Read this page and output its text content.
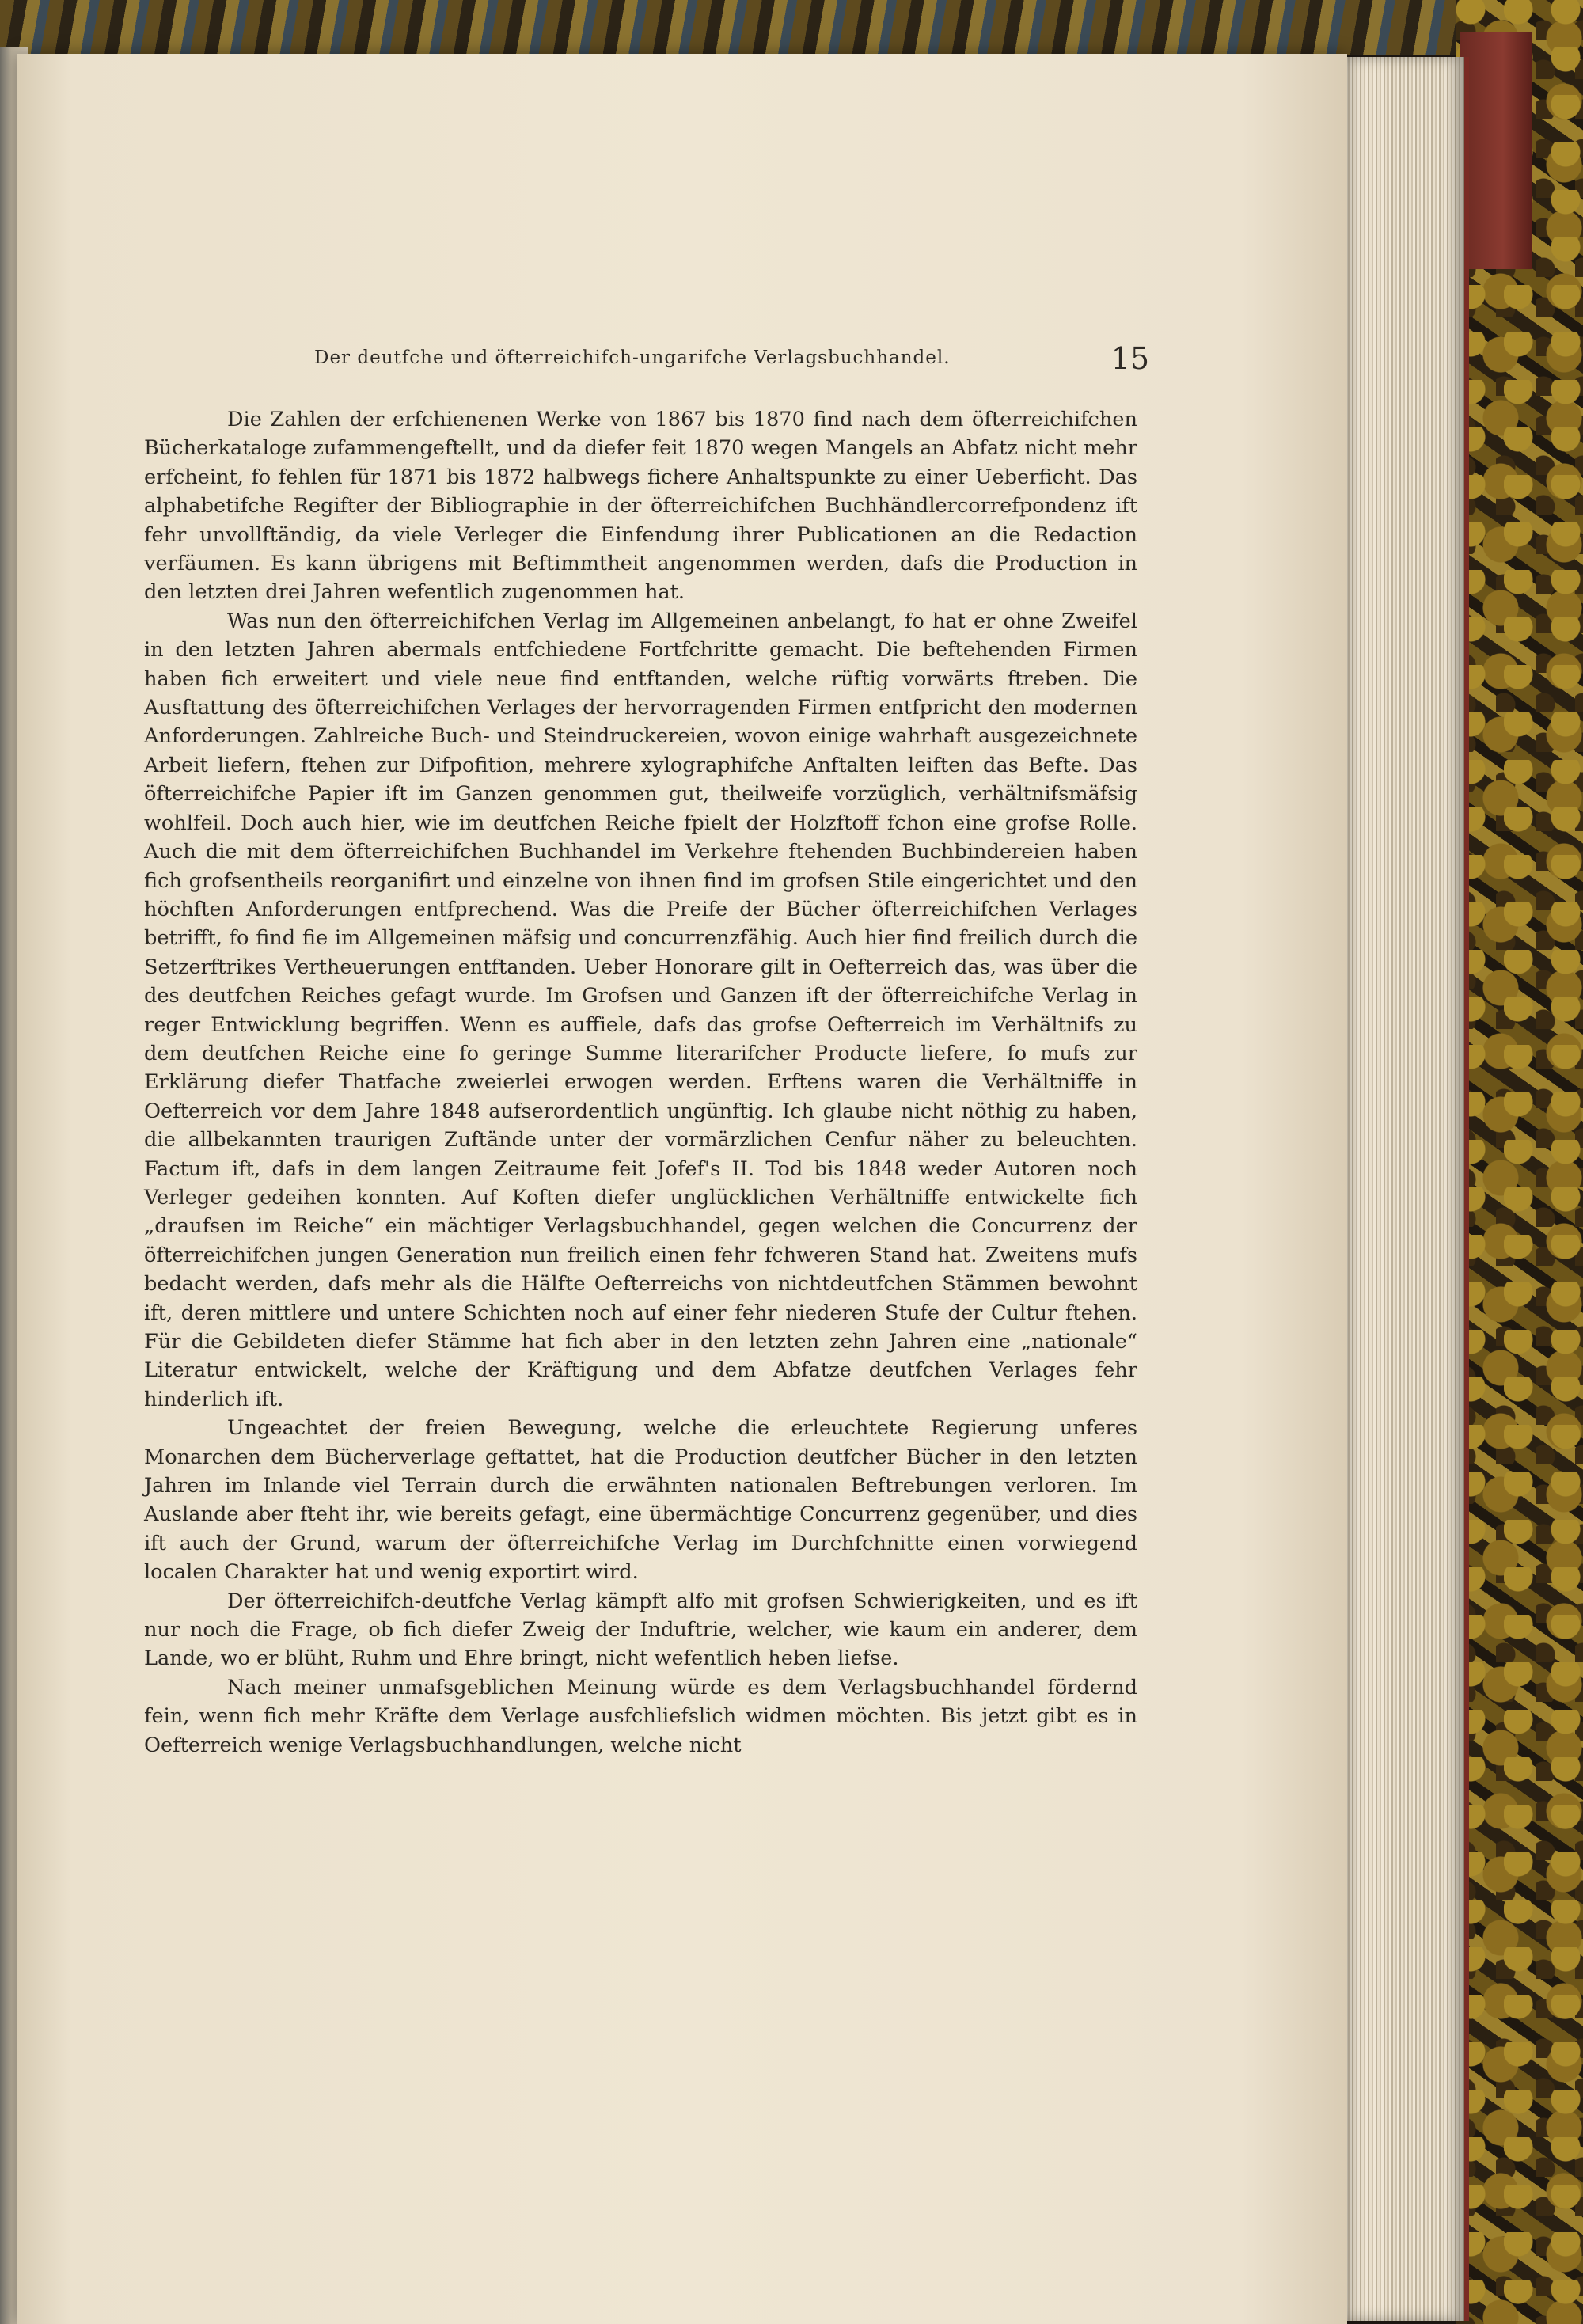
Der deutfche und öfterreichifch-ungarifche Verlagsbuchhandel.	15

Die Zahlen der erfchienenen Werke von 1867 bis 1870 find nach dem öfterreichifchen Bücherkataloge zufammengeftellt, und da diefer feit 1870 wegen Mangels an Abfatz nicht mehr erfcheint, fo fehlen für 1871 bis 1872 halbwegs fichere Anhaltspunkte zu einer Ueberficht. Das alphabetifche Regifter der Bibliographie in der öfterreichifchen Buchhändlercorrefpondenz ift fehr unvollftändig, da viele Verleger die Einfendung ihrer Publicationen an die Redaction verfäumen. Es kann übrigens mit Beftimmtheit angenommen werden, dafs die Production in den letzten drei Jahren wefentlich zugenommen hat.

Was nun den öfterreichifchen Verlag im Allgemeinen anbelangt, fo hat er ohne Zweifel in den letzten Jahren abermals entfchiedene Fortfchritte gemacht. Die beftehenden Firmen haben fich erweitert und viele neue find entftanden, welche rüftig vorwärts ftreben. Die Ausftattung des öfterreichifchen Verlages der hervorragenden Firmen entfpricht den modernen Anforderungen. Zahlreiche Buch- und Steindruckereien, wovon einige wahrhaft ausgezeichnete Arbeit liefern, ftehen zur Difpofition, mehrere xylographifche Anftalten leiften das Befte. Das öfterreichifche Papier ift im Ganzen genommen gut, theilweife vorzüglich, verhältnifsmäfsig wohlfeil. Doch auch hier, wie im deutfchen Reiche fpielt der Holzftoff fchon eine grofse Rolle. Auch die mit dem öfterreichifchen Buchhandel im Verkehre ftehenden Buchbindereien haben fich grofsentheils reorganifirt und einzelne von ihnen find im grofsen Stile eingerichtet und den höchften Anforderungen entfprechend. Was die Preife der Bücher öfterreichifchen Verlages betrifft, fo find fie im Allgemeinen mäfsig und concurrenzfähig. Auch hier find freilich durch die Setzerftrikes Vertheuerungen entftanden. Ueber Honorare gilt in Oefterreich das, was über die des deutfchen Reiches gefagt wurde. Im Grofsen und Ganzen ift der öfterreichifche Verlag in reger Entwicklung begriffen. Wenn es auffiele, dafs das grofse Oefterreich im Verhältnifs zu dem deutfchen Reiche eine fo geringe Summe literarifcher Producte liefere, fo mufs zur Erklärung diefer Thatfache zweierlei erwogen werden. Erftens waren die Verhältniffe in Oefterreich vor dem Jahre 1848 aufserordentlich ungünftig. Ich glaube nicht nöthig zu haben, die allbekannten traurigen Zuftände unter der vormärzlichen Cenfur näher zu beleuchten. Factum ift, dafs in dem langen Zeitraume feit Jofef's II. Tod bis 1848 weder Autoren noch Verleger gedeihen konnten. Auf Koften diefer unglücklichen Verhältniffe entwickelte fich „draufsen im Reiche“ ein mächtiger Verlagsbuchhandel, gegen welchen die Concurrenz der öfterreichifchen jungen Generation nun freilich einen fehr fchweren Stand hat. Zweitens mufs bedacht werden, dafs mehr als die Hälfte Oefterreichs von nichtdeutfchen Stämmen bewohnt ift, deren mittlere und untere Schichten noch auf einer fehr niederen Stufe der Cultur ftehen. Für die Gebildeten diefer Stämme hat fich aber in den letzten zehn Jahren eine „nationale“ Literatur entwickelt, welche der Kräftigung und dem Abfatze deutfchen Verlages fehr hinderlich ift.

Ungeachtet der freien Bewegung, welche die erleuchtete Regierung unferes Monarchen dem Bücherverlage geftattet, hat die Production deutfcher Bücher in den letzten Jahren im Inlande viel Terrain durch die erwähnten nationalen Beftrebungen verloren. Im Auslande aber fteht ihr, wie bereits gefagt, eine übermächtige Concurrenz gegenüber, und dies ift auch der Grund, warum der öfterreichifche Verlag im Durchfchnitte einen vorwiegend localen Charakter hat und wenig exportirt wird.

Der öfterreichifch-deutfche Verlag kämpft alfo mit grofsen Schwierigkeiten, und es ift nur noch die Frage, ob fich diefer Zweig der Induftrie, welcher, wie kaum ein anderer, dem Lande, wo er blüht, Ruhm und Ehre bringt, nicht wefentlich heben liefse.

Nach meiner unmafsgeblichen Meinung würde es dem Verlagsbuchhandel fördernd fein, wenn fich mehr Kräfte dem Verlage ausfchliefslich widmen möchten. Bis jetzt gibt es in Oefterreich wenige Verlagsbuchhandlungen, welche nicht
